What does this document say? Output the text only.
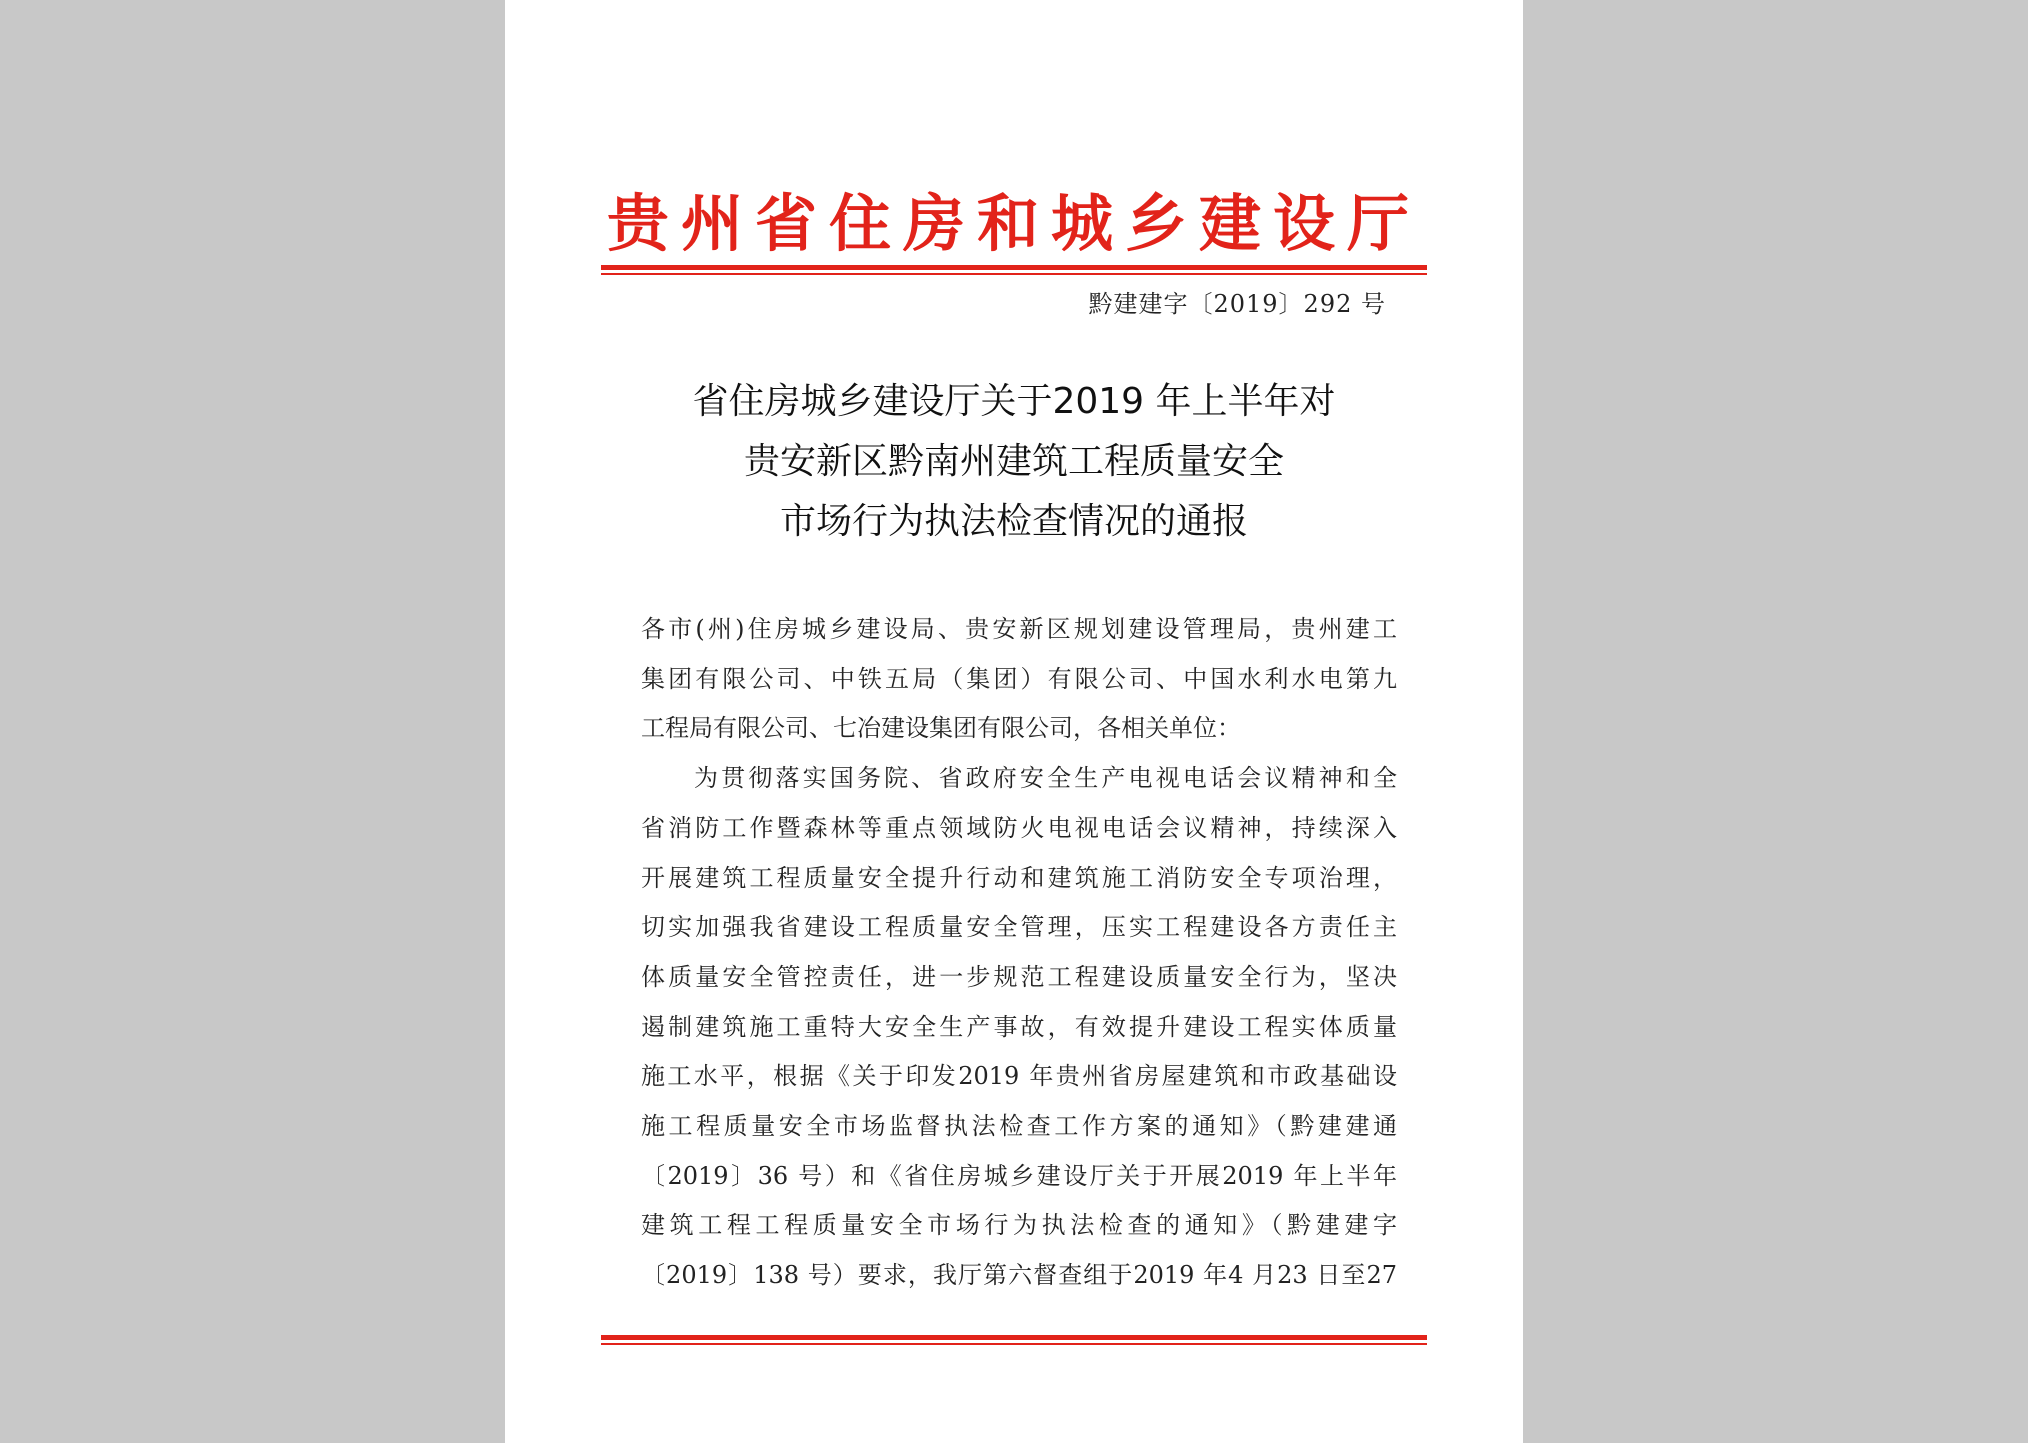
贵州省住房和城乡建设厅
黔建建字〔2019〕292 号
省住房城乡建设厅关于2019 年上半年对
贵安新区黔南州建筑工程质量安全
市场行为执法检查情况的通报
各市(州)住房城乡建设局、贵安新区规划建设管理局，贵州建工
集团有限公司、中铁五局（集团）有限公司、中国水利水电第九
工程局有限公司、七冶建设集团有限公司，各相关单位：
为贯彻落实国务院、省政府安全生产电视电话会议精神和全
省消防工作暨森林等重点领域防火电视电话会议精神，持续深入
开展建筑工程质量安全提升行动和建筑施工消防安全专项治理，
切实加强我省建设工程质量安全管理，压实工程建设各方责任主
体质量安全管控责任，进一步规范工程建设质量安全行为，坚决
遏制建筑施工重特大安全生产事故，有效提升建设工程实体质量
施工水平，根据《关于印发2019 年贵州省房屋建筑和市政基础设
施工程质量安全市场监督执法检查工作方案的通知》（黔建建通
〔2019〕36 号）和《省住房城乡建设厅关于开展2019 年上半年
建筑工程工程质量安全市场行为执法检查的通知》（黔建建字
〔2019〕138 号）要求，我厅第六督查组于2019 年4 月23 日至27
